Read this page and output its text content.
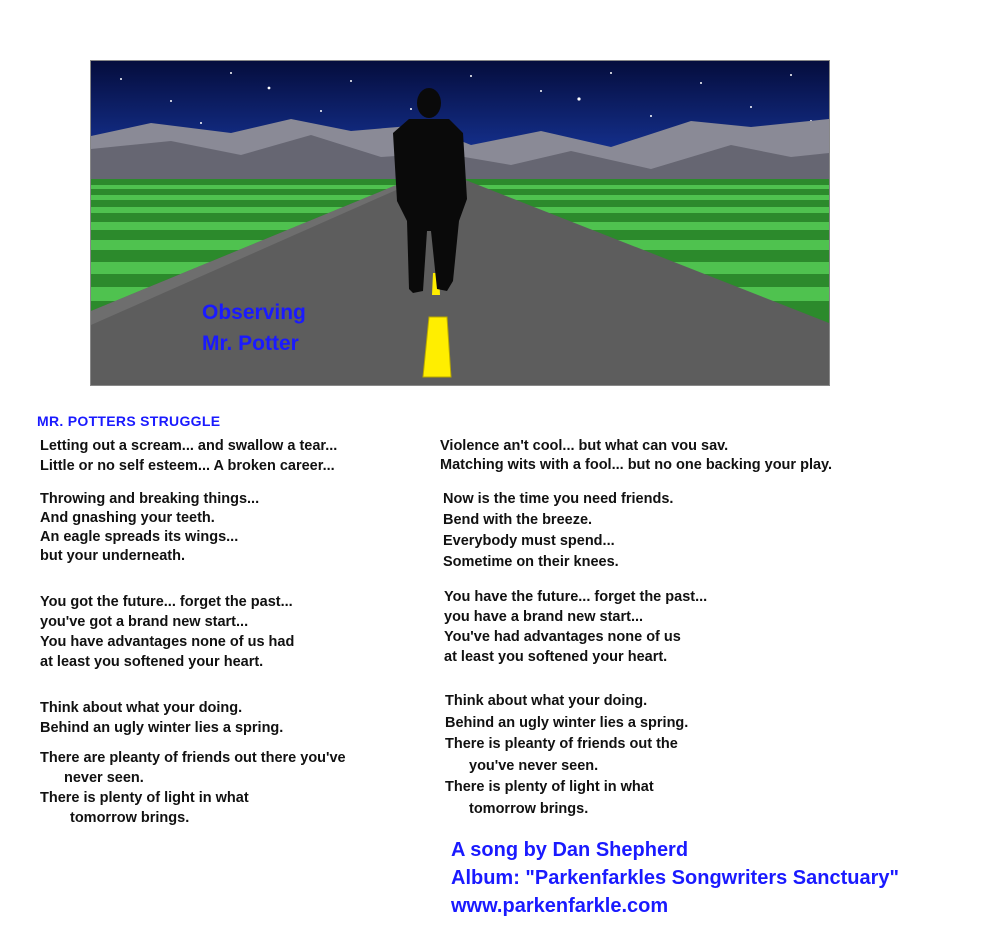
Observing
Mr. Potter
MR. POTTERS STRUGGLE
Letting out a scream... and swallow a tear...
Little or no self esteem... A broken career...
Throwing and breaking things...
And gnashing your teeth.
An eagle spreads its wings...
but your underneath.
You got the future... forget the past...
you've got a brand new start...
You have advantages none of us had
at least you softened your heart.
Think about what your doing.
Behind an ugly winter lies a spring.
There are pleanty of friends out there you've
never seen.
There is plenty of light in what
tomorrow brings.
Violence an't cool... but what can vou sav.
Matching wits with a fool... but no one backing your play.
Now is the time you need friends.
Bend with the breeze.
Everybody must spend...
Sometime on their knees.
You have the future... forget the past...
you have a brand new start...
You've had advantages none of us
at least you softened your heart.
Think about what your doing.
Behind an ugly winter lies a spring.
There is pleanty of friends out the
you've never seen.
There is plenty of light in what
tomorrow brings.
A song by Dan Shepherd
Album: "Parkenfarkles Songwriters Sanctuary"
www.parkenfarkle.com
